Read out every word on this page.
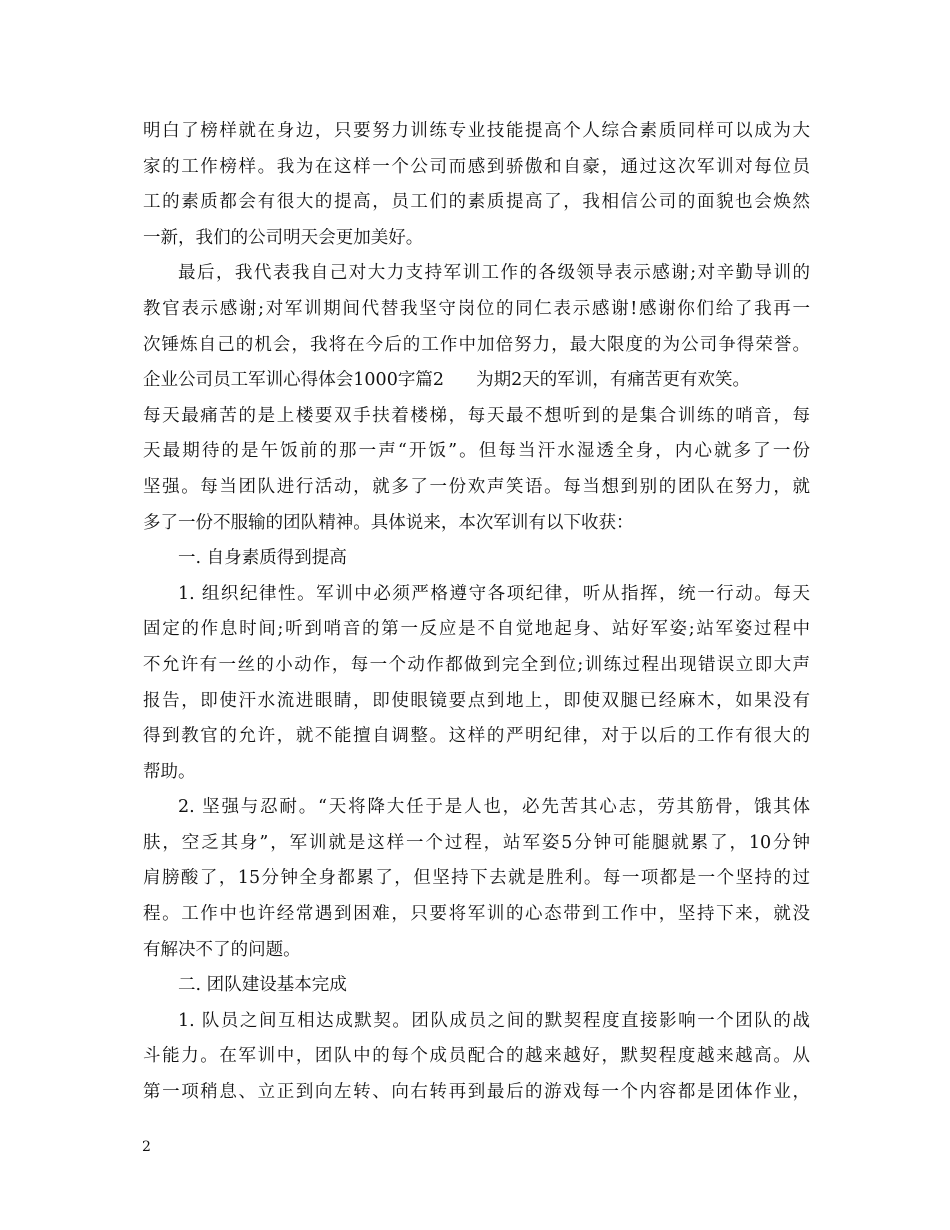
明白了榜样就在身边，只要努力训练专业技能提高个人综合素质同样可以成为大
家的工作榜样。我为在这样一个公司而感到骄傲和自豪，通过这次军训对每位员
工的素质都会有很大的提高，员工们的素质提高了，我相信公司的面貌也会焕然
一新，我们的公司明天会更加美好。
最后，我代表我自己对大力支持军训工作的各级领导表示感谢;对辛勤导训的
教官表示感谢;对军训期间代替我坚守岗位的同仁表示感谢!感谢你们给了我再一
次锤炼自己的机会，我将在今后的工作中加倍努力，最大限度的为公司争得荣誉。
企业公司员工军训心得体会1000字篇2 为期2天的军训，有痛苦更有欢笑。
每天最痛苦的是上楼要双手扶着楼梯，每天最不想听到的是集合训练的哨音，每
天最期待的是午饭前的那一声“开饭”。但每当汗水湿透全身，内心就多了一份
坚强。每当团队进行活动，就多了一份欢声笑语。每当想到别的团队在努力，就
多了一份不服输的团队精神。具体说来，本次军训有以下收获：
一. 自身素质得到提高
1. 组织纪律性。军训中必须严格遵守各项纪律，听从指挥，统一行动。每天
固定的作息时间;听到哨音的第一反应是不自觉地起身、站好军姿;站军姿过程中
不允许有一丝的小动作，每一个动作都做到完全到位;训练过程出现错误立即大声
报告，即使汗水流进眼睛，即使眼镜要点到地上，即使双腿已经麻木，如果没有
得到教官的允许，就不能擅自调整。这样的严明纪律，对于以后的工作有很大的
帮助。
2. 坚强与忍耐。“天将降大任于是人也，必先苦其心志，劳其筋骨，饿其体
肤，空乏其身”，军训就是这样一个过程，站军姿5分钟可能腿就累了，10分钟
肩膀酸了，15分钟全身都累了，但坚持下去就是胜利。每一项都是一个坚持的过
程。工作中也许经常遇到困难，只要将军训的心态带到工作中，坚持下来，就没
有解决不了的问题。
二. 团队建设基本完成
1. 队员之间互相达成默契。团队成员之间的默契程度直接影响一个团队的战
斗能力。在军训中，团队中的每个成员配合的越来越好，默契程度越来越高。从
第一项稍息、立正到向左转、向右转再到最后的游戏每一个内容都是团体作业，
2
